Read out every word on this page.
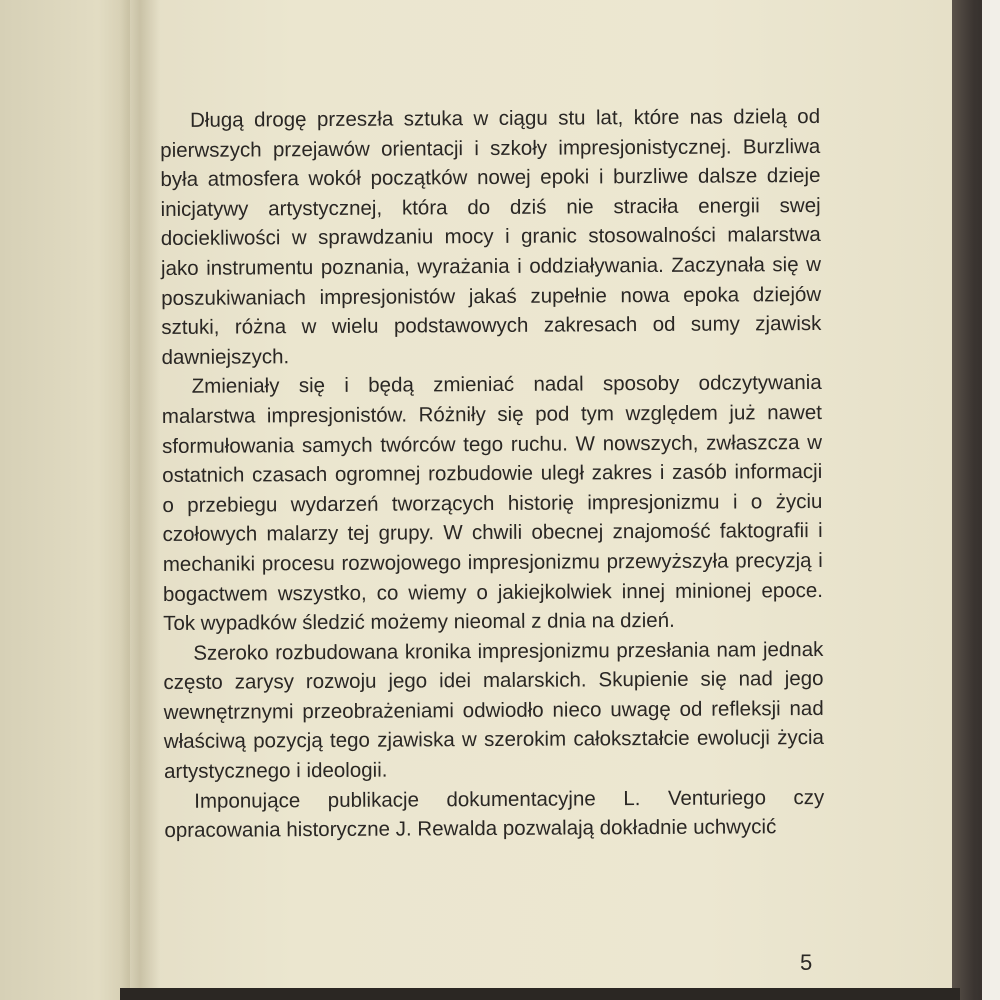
Długą drogę przeszła sztuka w ciągu stu lat, które nas dzielą od pierwszych przejawów orientacji i szkoły impresjonistycznej. Burzliwa była atmosfera wokół początków nowej epoki i burzliwe dalsze dzieje inicjatywy artystycznej, która do dziś nie straciła energii swej dociekliwości w sprawdzaniu mocy i granic stosowalności malarstwa jako instrumentu poznania, wyrażania i oddziaływania. Zaczynała się w poszukiwaniach impresjonistów jakaś zupełnie nowa epoka dziejów sztuki, różna w wielu podstawowych zakresach od sumy zjawisk dawniejszych.

Zmieniały się i będą zmieniać nadal sposoby odczytywania malarstwa impresjonistów. Różniły się pod tym względem już nawet sformułowania samych twórców tego ruchu. W nowszych, zwłaszcza w ostatnich czasach ogromnej rozbudowie uległ zakres i zasób informacji o przebiegu wydarzeń tworzących historię impresjonizmu i o życiu czołowych malarzy tej grupy. W chwili obecnej znajomość faktografii i mechaniki procesu rozwojowego impresjonizmu przewyższyła precyzją i bogactwem wszystko, co wiemy o jakiejkolwiek innej minionej epoce. Tok wypadków śledzić możemy nieomal z dnia na dzień.

Szeroko rozbudowana kronika impresjonizmu przesłania nam jednak często zarysy rozwoju jego idei malarskich. Skupienie się nad jego wewnętrznymi przeobrażeniami odwiodło nieco uwagę od refleksji nad właściwą pozycją tego zjawiska w szerokim całokształcie ewolucji życia artystycznego i ideologii.

Imponujące publikacje dokumentacyjne L. Venturiego czy opracowania historyczne J. Rewalda pozwalają dokładnie uchwycić

5
